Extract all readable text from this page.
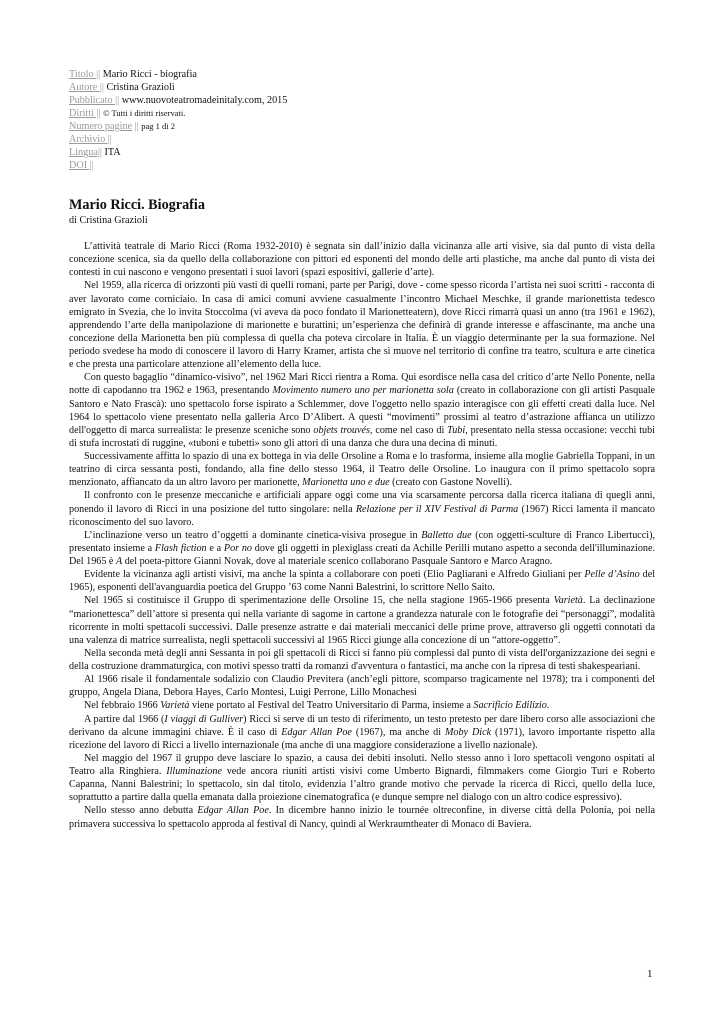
Titolo || Mario Ricci - biografia
Autore || Cristina Grazioli
Pubblicato || www.nuovoteatromadeinitaly.com, 2015
Diritti || © Tutti i diritti riservati.
Numero pagine || pag 1 di 2
Archivio ||
Lingua|| ITA
DOI ||
Mario Ricci. Biografia
di Cristina Grazioli

L’attività teatrale di Mario Ricci (Roma 1932-2010) è segnata sin dall’inizio dalla vicinanza alle arti visive, sia dal punto di vista della concezione scenica, sia da quello della collaborazione con pittori ed esponenti del mondo delle arti plastiche, ma anche dal punto di vista dei contesti in cui nascono e vengono presentati i suoi lavori (spazi espositivi, gallerie d’arte).

Nel 1959, alla ricerca di orizzonti più vasti di quelli romani, parte per Parigi, dove - come spesso ricorda l’artista nei suoi scritti - racconta di aver lavorato come corniciaio. In casa di amici comuni avviene casualmente l’incontro Michael Meschke, il grande marionettista tedesco emigrato in Svezia, che lo invita Stoccolma (vi aveva da poco fondato il Marionetteatern), dove Ricci rimarrà quasi un anno (tra 1961 e 1962), apprendendo l’arte della manipolazione di marionette e burattini; un’esperienza che definirà di grande interesse e affascinante, ma anche una concezione della Marionetta ben più complessa di quella cha poteva circolare in Italia. È un viaggio determinante per la sua formazione. Nel periodo svedese ha modo di conoscere il lavoro di Harry Kramer, artista che si muove nel territorio di confine tra teatro, scultura e arte cinetica e che presta una particolare attenzione all’elemento della luce.

Con questo bagaglio “dinamico-visivo”, nel 1962 Mari Ricci rientra a Roma. Qui esordisce nella casa del critico d’arte Nello Ponente, nella notte di capodanno tra 1962 e 1963, presentando Movimento numero uno per marionetta sola (creato in collaborazione con gli artisti Pasquale Santoro e Nato Frascà): uno spettacolo forse ispirato a Schlemmer, dove l'oggetto nello spazio interagisce con gli effetti creati dalla luce. Nel 1964 lo spettacolo viene presentato nella galleria Arco D’Alibert. A questi “movimenti” prossimi al teatro d’astrazione affianca un utilizzo dell'oggetto di marca surrealista: le presenze sceniche sono objets trouvés, come nel caso di Tubi, presentato nella stessa occasione: vecchi tubi di stufa incrostati di ruggine, «tuboni e tubetti» sono gli attori di una danza che dura una decina di minuti.

Successivamente affitta lo spazio di una ex bottega in via delle Orsoline a Roma e lo trasforma, insieme alla moglie Gabriella Toppani, in un teatrino di circa sessanta posti, fondando, alla fine dello stesso 1964, il Teatro delle Orsoline. Lo inaugura con il primo spettacolo sopra menzionato, affiancato da un altro lavoro per marionette, Marionetta uno e due (creato con Gastone Novelli).

Il confronto con le presenze meccaniche e artificiali appare oggi come una via scarsamente percorsa dalla ricerca italiana di quegli anni, ponendo il lavoro di Ricci in una posizione del tutto singolare: nella Relazione per il XIV Festival di Parma (1967) Ricci lamenta il mancato riconoscimento del suo lavoro.

L’inclinazione verso un teatro d’oggetti a dominante cinetica-visiva prosegue in Balletto due (con oggetti-sculture di Franco Libertucci), presentato insieme a Flash fiction e a Por no dove gli oggetti in plexiglass creati da Achille Perilli mutano aspetto a seconda dell'illuminazione. Del 1965 è A del poeta-pittore Gianni Novak, dove al materiale scenico collaborano Pasquale Santoro e Marco Aragno.

Evidente la vicinanza agli artisti visivi, ma anche la spinta a collaborare con poeti (Elio Pagliarani e Alfredo Giuliani per Pelle d’Asino del 1965), esponenti dell'avanguardia poetica del Gruppo ’63 come Nanni Balestrini, lo scrittore Nello Saito.

Nel 1965 si costituisce il Gruppo di sperimentazione delle Orsoline 15, che nella stagione 1965-1966 presenta Varietà. La declinazione “marionettesca” dell’attore si presenta qui nella variante di sagome in cartone a grandezza naturale con le fotografie dei “personaggi”, modalità ricorrente in molti spettacoli successivi. Dalle presenze astratte e dai materiali meccanici delle prime prove, attraverso gli oggetti connotati da una valenza di matrice surrealista, negli spettacoli successivi al 1965 Ricci giunge alla concezione di un “attore-oggetto”.

Nella seconda metà degli anni Sessanta in poi gli spettacoli di Ricci si fanno più complessi dal punto di vista dell'organizzazione dei segni e della costruzione drammaturgica, con motivi spesso tratti da romanzi d'avventura o fantastici, ma anche con la ripresa di testi shakespeariani.

Al 1966 risale il fondamentale sodalizio con Claudio Previtera (anch’egli pittore, scomparso tragicamente nel 1978); tra i componenti del gruppo, Angela Diana, Debora Hayes, Carlo Montesi, Luigi Perrone, Lillo Monachesi

Nel febbraio 1966 Varietà viene portato al Festival del Teatro Universitario di Parma, insieme a Sacrificio Edilizio.

A partire dal 1966 (I viaggi di Gulliver) Ricci si serve di un testo di riferimento, un testo pretesto per dare libero corso alle associazioni che derivano da alcune immagini chiave. È il caso di Edgar Allan Poe (1967), ma anche di Moby Dick (1971), lavoro importante rispetto alla ricezione del lavoro di Ricci a livello internazionale (ma anche di una maggiore considerazione a livello nazionale).

Nel maggio del 1967 il gruppo deve lasciare lo spazio, a causa dei debiti insoluti. Nello stesso anno i loro spettacoli vengono ospitati al Teatro alla Ringhiera. Illuminazione vede ancora riuniti artisti visivi come Umberto Bignardi, filmmakers come Giorgio Turi e Roberto Capanna, Nanni Balestrini; lo spettacolo, sin dal titolo, evidenzia l’altro grande motivo che pervade la ricerca di Ricci, quello della luce, soprattutto a partire dalla quella emanata dalla proiezione cinematografica (e dunque sempre nel dialogo con un altro codice espressivo).

Nello stesso anno debutta Edgar Allan Poe. In dicembre hanno inizio le tournée oltreconfine, in diverse città della Polonia, poi nella primavera successiva lo spettacolo approda al festival di Nancy, quindi al Werkraumtheater di Monaco di Baviera.

1
